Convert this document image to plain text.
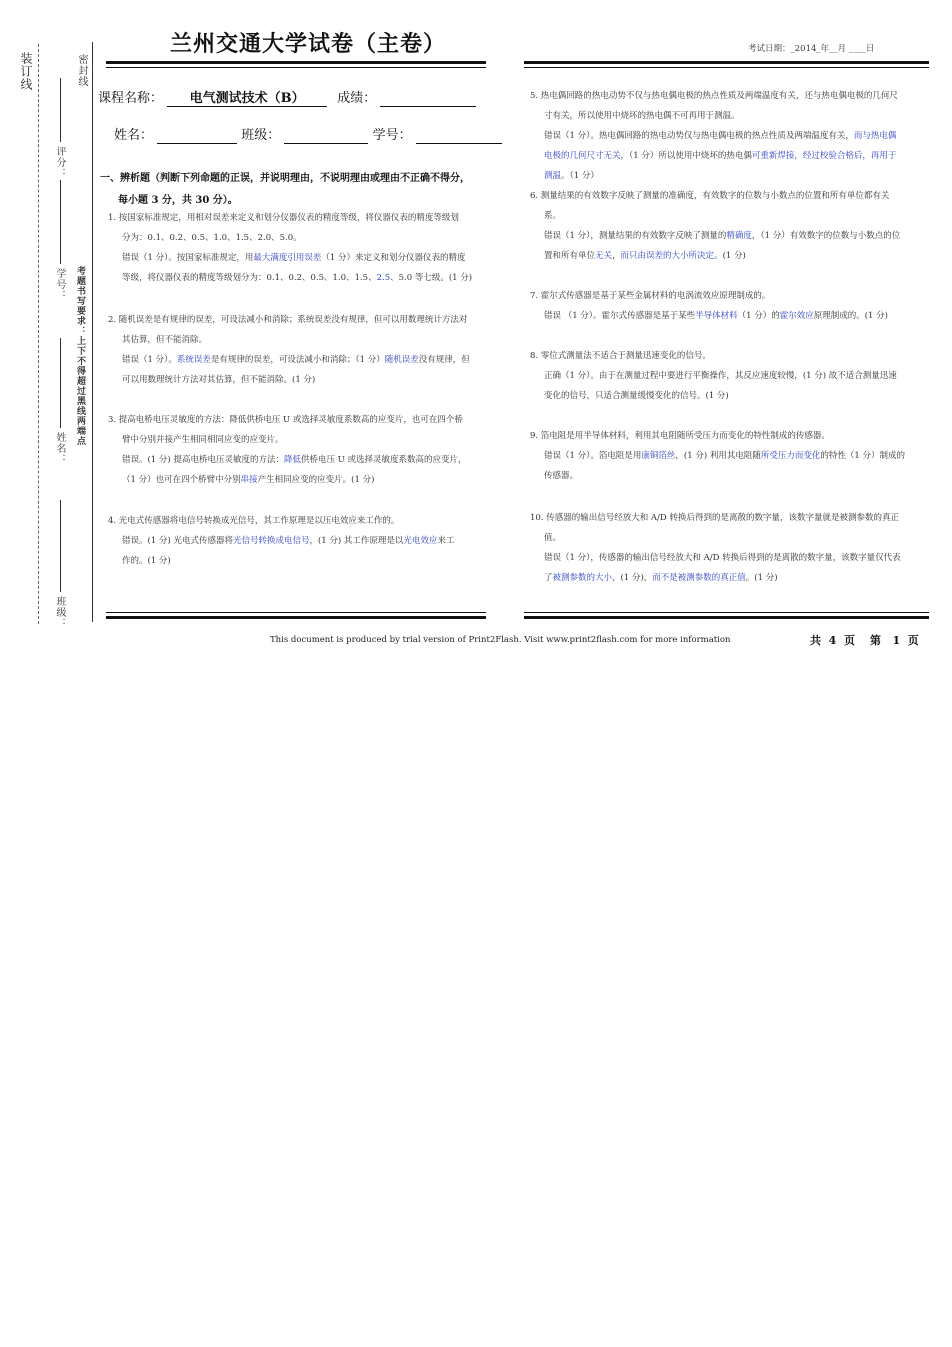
装订线	密封线
评分：
学号：
姓名：
班级：
考题书写要求：上下不得超过黑线两端点
兰州交通大学试卷（主卷）	考试日期：_2014_年__月 ____日
课程名称： 电气测试技术（B）	成绩：
姓名：	班级：	学号：
一、辨析题（判断下列命题的正误，并说明理由，不说明理由或理由不正确不得分，
每小题 3 分，共 30 分）。

1. 按国家标准规定，用相对误差来定义和划分仪器仪表的精度等级，将仪器仪表的精度等级划

分为：0.1、0.2、0.5、1.0、1.5、2.0、5.0。

错误（1 分）。按国家标准规定，用最大满度引用误差（1 分）来定义和划分仪器仪表的精度

等级，将仪器仪表的精度等级划分为：0.1、0.2、0.5、1.0、1.5、2.5、5.0 等七级。(1 分)

2. 随机误差是有规律的误差，可设法减小和消除；系统误差没有规律，但可以用数理统计方法对

其估算，但不能消除。

错误（1 分）。系统误差是有规律的误差，可设法减小和消除；（1 分）随机误差没有规律，但

可以用数理统计方法对其估算，但不能消除。(1 分)

3. 提高电桥电压灵敏度的方法：降低供桥电压 U 或选择灵敏度系数高的应变片，也可在四个桥

臂中分别并接产生相同相同应变的应变片。

错误。(1 分) 提高电桥电压灵敏度的方法：降低供桥电压 U 或选择灵敏度系数高的应变片，

（1 分）也可在四个桥臂中分别串接产生相同应变的应变片。(1 分)

4. 光电式传感器将电信号转换成光信号，其工作原理是以压电效应来工作的。

错误。(1 分) 光电式传感器将光信号转换成电信号，(1 分) 其工作原理是以光电效应来工

作的。(1 分)

5. 热电偶回路的热电动势不仅与热电偶电极的热点性质及两端温度有关，还与热电偶电极的几何尺

寸有关，所以使用中烧坏的热电偶不可再用于测温。

错误（1 分）。热电偶回路的热电动势仅与热电偶电极的热点性质及两端温度有关，而与热电偶

电极的几何尺寸无关，（1 分）所以使用中烧坏的热电偶可重新焊接，经过校验合格后，再用于

测温。（1 分）

6. 测量结果的有效数字反映了测量的准确度，有效数字的位数与小数点的位置和所有单位都有关

系。

错误（1 分），测量结果的有效数字反映了测量的精确度，（1 分）有效数字的位数与小数点的位

置和所有单位无关，而只由误差的大小所决定。(1 分)

7. 霍尔式传感器是基于某些金属材料的电涡流效应原理制成的。

错误 （1 分）。霍尔式传感器是基于某些半导体材料（1 分）的霍尔效应原理制成的。(1 分)

8. 零位式测量法不适合于测量迅速变化的信号。

正确（1 分）。由于在测量过程中要进行平衡操作，其反应速度较慢，(1 分) 故不适合测量迅速

变化的信号，只适合测量缓慢变化的信号。(1 分)

9. 箔电阻是用半导体材料，利用其电阻随所受压力而变化的特性制成的传感器。

错误（1 分）。箔电阻是用康铜箔丝，(1 分) 利用其电阻随所受压力而变化的特性（1 分）制成的

传感器。

10. 传感器的输出信号经放大和 A/D 转换后得到的是离散的数字量，该数字量就是被测参数的真正

值。

错误（1 分），传感器的输出信号经放大和 A/D 转换后得到的是离散的数字量，该数字量仅代表

了被测参数的大小，(1 分)，而不是被测参数的真正值。(1 分)

This document is produced by trial version of Print2Flash. Visit www.print2flash.com for more information	共  4  页 第   1  页
